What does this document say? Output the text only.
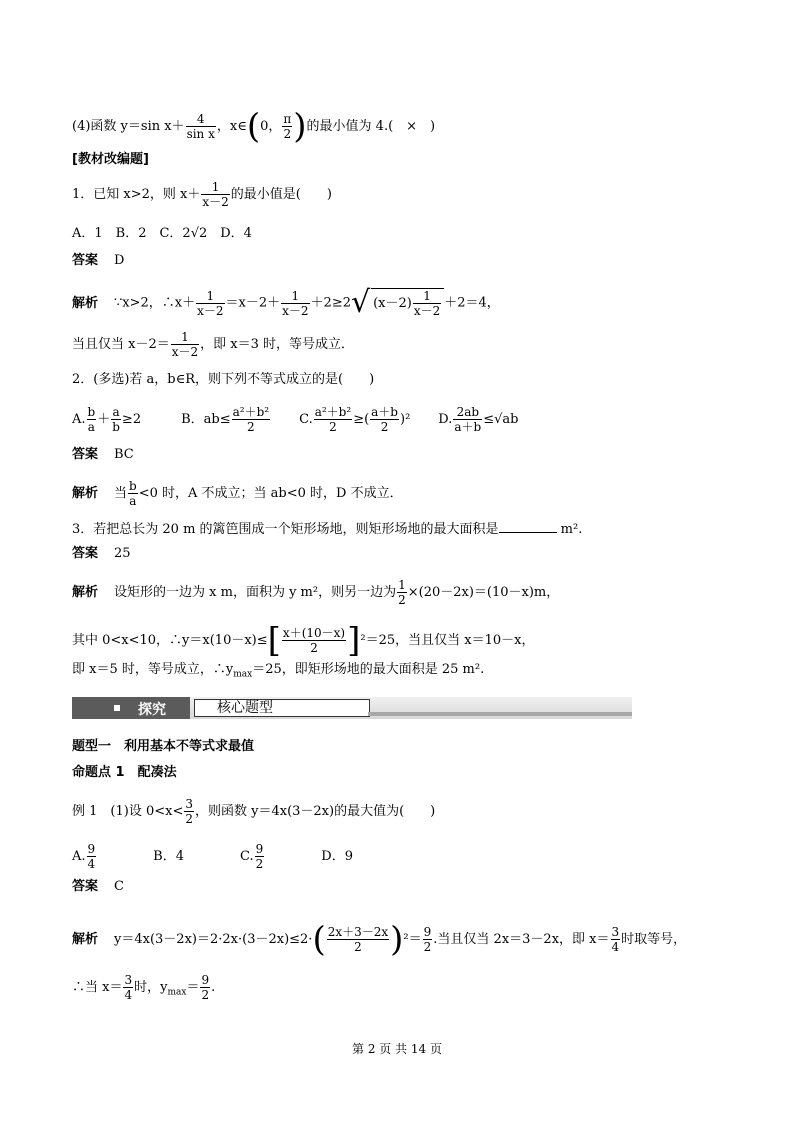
(4)函数 y＝sin $x+ \frac{4}{\text{sin x}}$ ，x∈(0， $\frac{\pi}{2}$ )的最小值为 4.(　×　)
[教材改编题]
1．已知 x>2，则 $x+ \frac{1}{x-2}$ 的最小值是(　　)
A．1　B．2　C．2√2　D．4
答案 D
解析 ∵x>2，∴x＋ $\frac{1}{x-2} =x-2+ \frac{1}{x-2} +2\ge 2√$ $(x-2) \frac{1}{x-2} +2=4$，
当且仅当 $x-2= \frac{1}{x-2}$ ，即 x＝3 时，等号成立．
2．(多选)若 a，b∈R，则下列不等式成立的是(　　)
A. $\frac{b}{a} + \frac{a}{b} \ge 2$	B．$ab\le \frac{\text{a²＋b²}}{2} C$. $\frac{\text{a²＋b²}}{2}$ ≥( $\frac{a+b}{2} )^2$ D. $\frac{2ab}{a+b} \le√ab$
答案 BC
解析 当 $\frac{b}{a} <0$ 时，A 不成立；当 ab<0 时，D 不成立．
3．若把总长为 20 m 的篱笆围成一个矩形场地，则矩形场地的最大面积是	m².
答案 25
解析 设矩形的一边为 x m，面积为 y m²，则另一边为 $\frac{1}{2} \times(20-2x)=(10-x)m$，
其中 0<x<10，∴y＝x(10－x)≤[ $\frac{x+(10-x)}{2} ]^2=25$，当且仅当 x＝10－x，
即 x＝5 时，等号成立，$\therefore y_{max}=25$，即矩形场地的最大面积是 25 m².
探究	核心题型
题型一　利用基本不等式求最值
命题点 1　配凑法
例 1　(1)设 $0<x< \frac{3}{2}$ ，则函数 y＝4x(3－2x)的最大值为(　　)
A. $\frac{9}{4}$	B．4	C. $\frac{9}{2}$	D．9
答案 C
解析 $y=4x(3-2x)=2\cdot 2x\cdot(3-2x)\le 2\cdot( \frac{2x+3-2x}{2} )^2= \frac{9}{2}$ .当且仅当 2x＝3－2x，即 $x= \frac{3}{4}$ 时取等号，
∴当 $x= \frac{3}{4}$ 时，$y_{max}= \frac{9}{2}$ .
第 2 页 共 14 页
